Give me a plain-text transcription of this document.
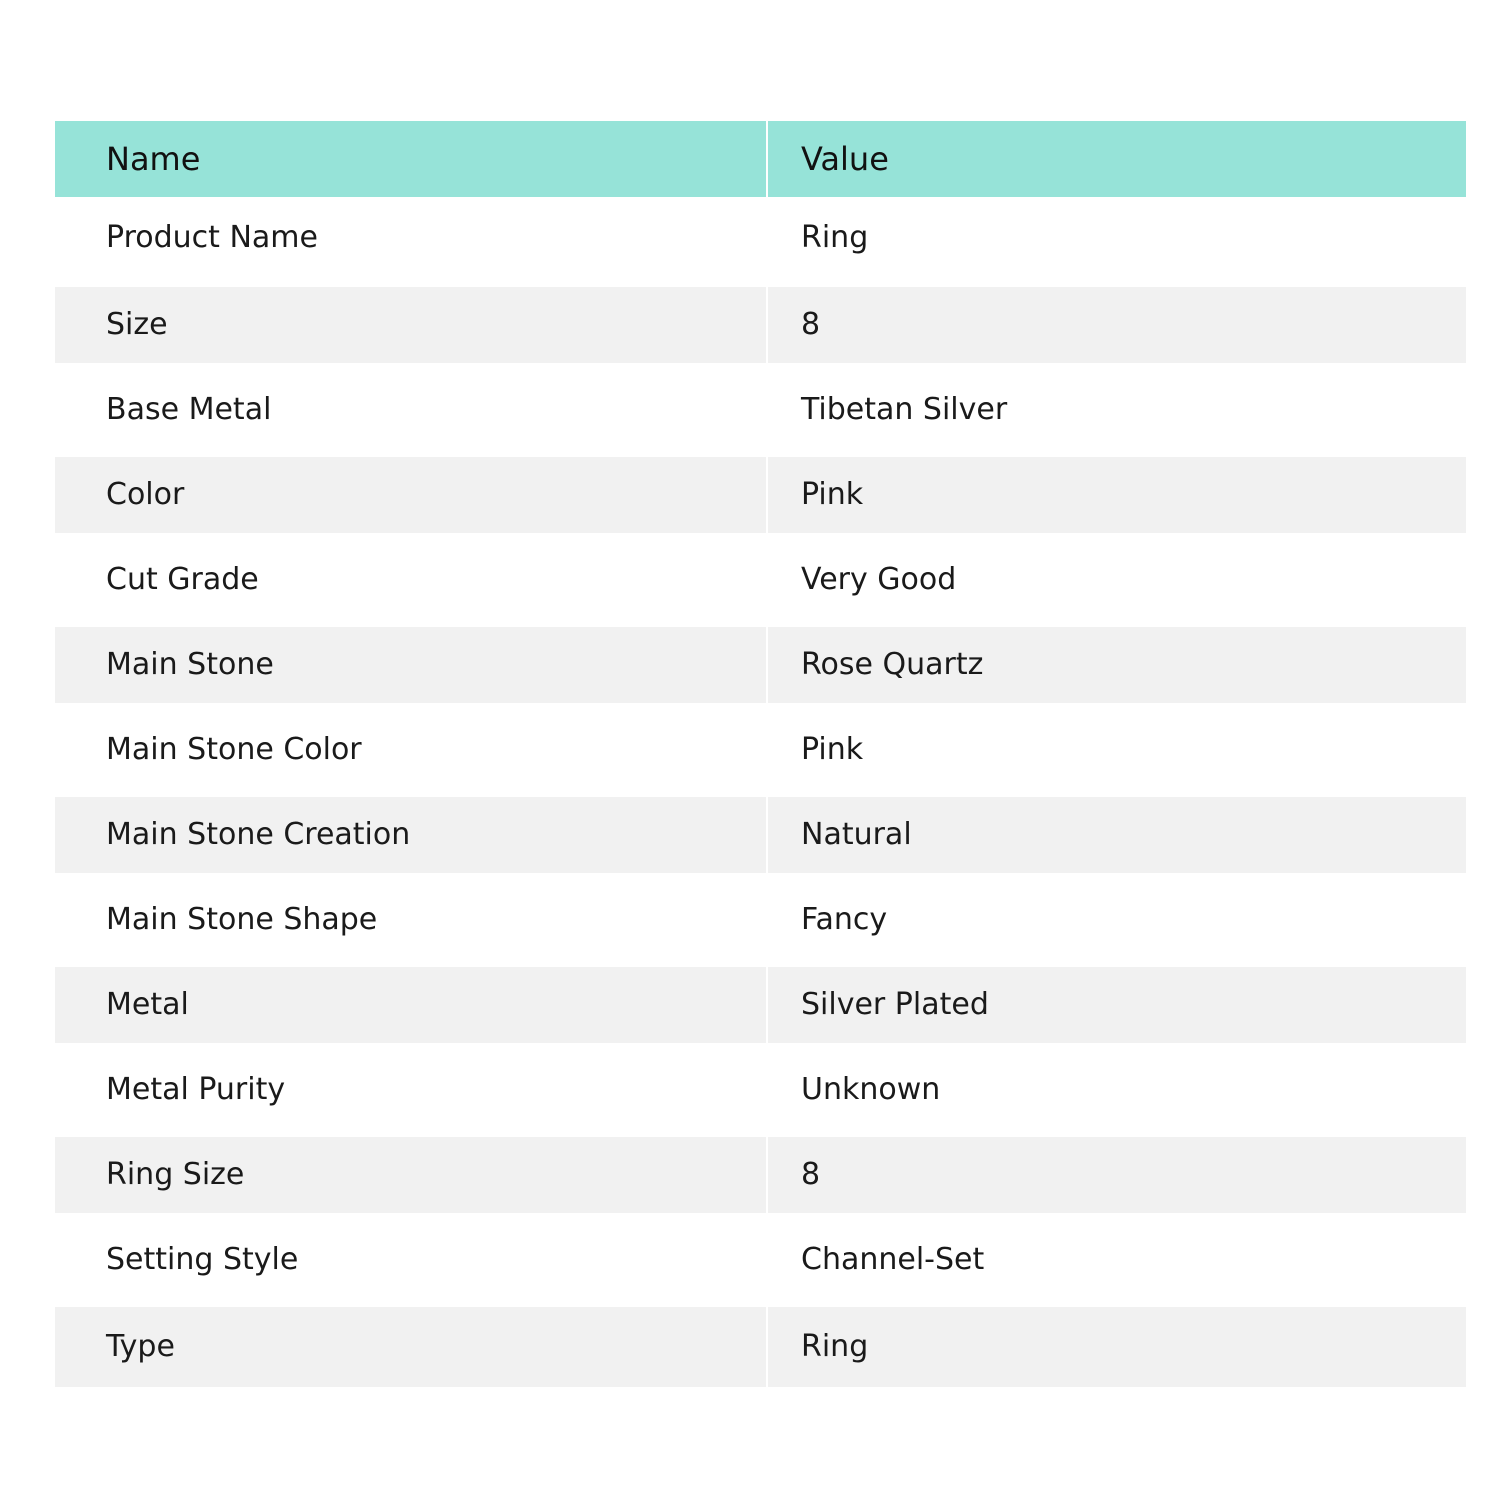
Name	Value
Product Name	Ring
Size	8
Base Metal	Tibetan Silver
Color	Pink
Cut Grade	Very Good
Main Stone	Rose Quartz
Main Stone Color	Pink
Main Stone Creation	Natural
Main Stone Shape	Fancy
Metal	Silver Plated
Metal Purity	Unknown
Ring Size	8
Setting Style	Channel-Set
Type	Ring
